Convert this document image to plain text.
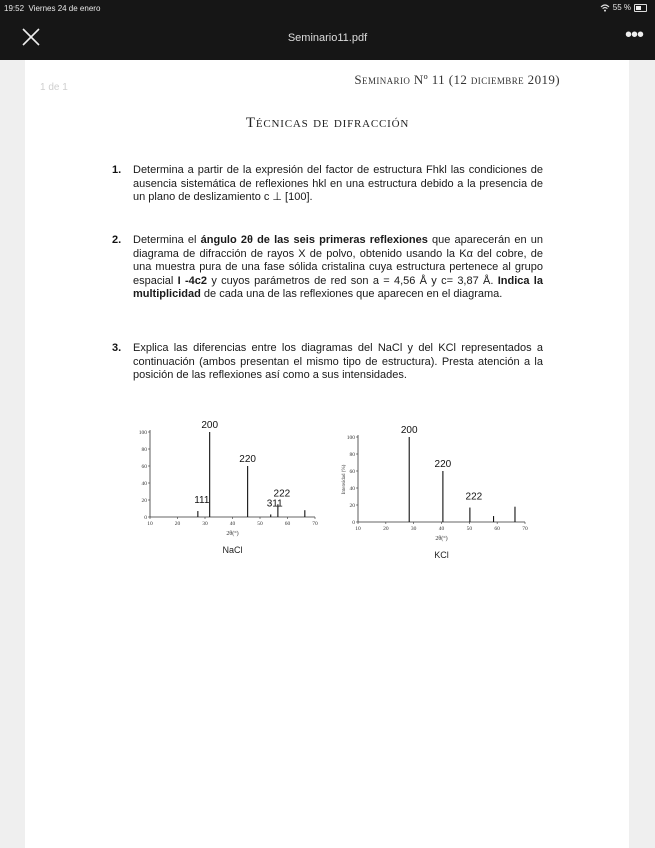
19:52 Viernes 24 de enero	55 %
Seminario11.pdf	•••
1 de 1
Seminario Nº 11 (12 diciembre 2019)
Técnicas de difracción
1. Determina a partir de la expresión del factor de estructura Fhkl las condiciones de ausencia sistemática de reflexiones hkl en una estructura debido a la presencia de un plano de deslizamiento c ⊥ [100].
2. Determina el ángulo 2θ de las seis primeras reflexiones que aparecerán en un diagrama de difracción de rayos X de polvo, obtenido usando la Kα del cobre, de una muestra pura de una fase sólida cristalina cuya estructura pertenece al grupo espacial I -4c2 y cuyos parámetros de red son a = 4,56 Å y c= 3,87 Å. Indica la multiplicidad de cada una de las reflexiones que aparecen en el diagrama.
3. Explica las diferencias entre los diagramas del NaCl y del KCl representados a continuación (ambos presentan el mismo tipo de estructura). Presta atención a la posición de las reflexiones así como a sus intensidades.
10	20	30	40	50	60	70
0
20
40
60
80
100
111
200
220
311
222
2θ(°)
NaCl
10	20	30	40	50	60	70
0
20
40
60
80
100
200
220
222
2θ(°)
KCl
Intensidad (%)
